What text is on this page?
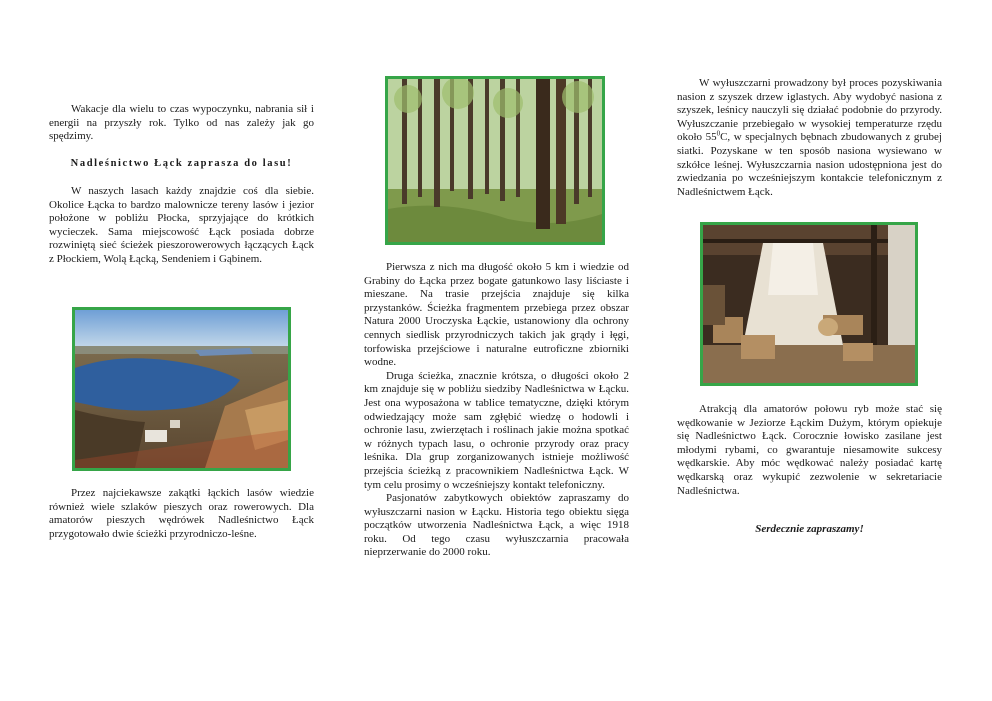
Wakacje dla wielu to czas wypoczynku, nabrania sił i energii na przyszły rok. Tylko od nas zależy jak go spędzimy.

Nadleśnictwo Łąck zaprasza do lasu!

W naszych lasach każdy znajdzie coś dla siebie. Okolice Łącka to bardzo malownicze tereny lasów i jezior położone w pobliżu Płocka, sprzyjające do krótkich wycieczek. Sama miejscowość Łąck posiada dobrze rozwiniętą sieć ścieżek pieszorowerowych łączących Łąck z Płockiem, Wolą Łącką, Sendeniem i Gąbinem.

Przez najciekawsze zakątki łąckich lasów wiedzie również wiele szlaków pieszych oraz rowerowych. Dla amatorów pieszych wędrówek Nadleśnictwo Łąck przygotowało dwie ścieżki przyrodniczo-leśne.

Pierwsza z nich ma długość około 5 km i wiedzie od Grabiny do Łącka przez bogate gatunkowo lasy liściaste i mieszane. Na trasie przejścia znajduje się kilka przystanków. Ścieżka fragmentem przebiega przez obszar Natura 2000 Uroczyska Łąckie, ustanowiony dla ochrony cennych siedlisk przyrodniczych takich jak grądy i łęgi, torfowiska przejściowe i naturalne eutroficzne zbiorniki wodne.

Druga ścieżka, znacznie krótsza, o długości około 2 km znajduje się w pobliżu siedziby Nadleśnictwa w Łącku. Jest ona wyposażona w tablice tematyczne, dzięki którym odwiedzający może sam zgłębić wiedzę o hodowli i ochronie lasu, zwierzętach i roślinach jakie można spotkać w różnych typach lasu, o ochronie przyrody oraz pracy leśnika. Dla grup zorganizowanych istnieje możliwość przejścia ścieżką z pracownikiem Nadleśnictwa Łąck. W tym celu prosimy o wcześniejszy kontakt telefoniczny.

Pasjonatów zabytkowych obiektów zapraszamy do wyłuszczarni nasion w Łącku. Historia tego obiektu sięga początków utworzenia Nadleśnictwa Łąck, a więc 1918 roku. Od tego czasu wyłuszczarnia pracowała nieprzerwanie do 2000 roku.

W wyłuszczarni prowadzony był proces pozyskiwania nasion z szyszek drzew iglastych. Aby wydobyć nasiona z szyszek, leśnicy nauczyli się działać podobnie do przyrody. Wyłuszczanie przebiegało w wysokiej temperaturze rzędu około $55^0C$, w specjalnych bębnach zbudowanych z grubej siatki. Pozyskane w ten sposób nasiona wysiewano w szkółce leśnej. Wyłuszczarnia nasion udostępniona jest do zwiedzania po wcześniejszym kontakcie telefonicznym z Nadleśnictwem Łąck.

Atrakcją dla amatorów połowu ryb może stać się wędkowanie w Jeziorze Łąckim Dużym, którym opiekuje się Nadleśnictwo Łąck. Corocznie łowisko zasilane jest młodymi rybami, co gwarantuje niesamowite sukcesy wędkarskie. Aby móc wędkować należy posiadać kartę wędkarską oraz wykupić zezwolenie w sekretariacie Nadleśnictwa.

Serdecznie zapraszamy!
